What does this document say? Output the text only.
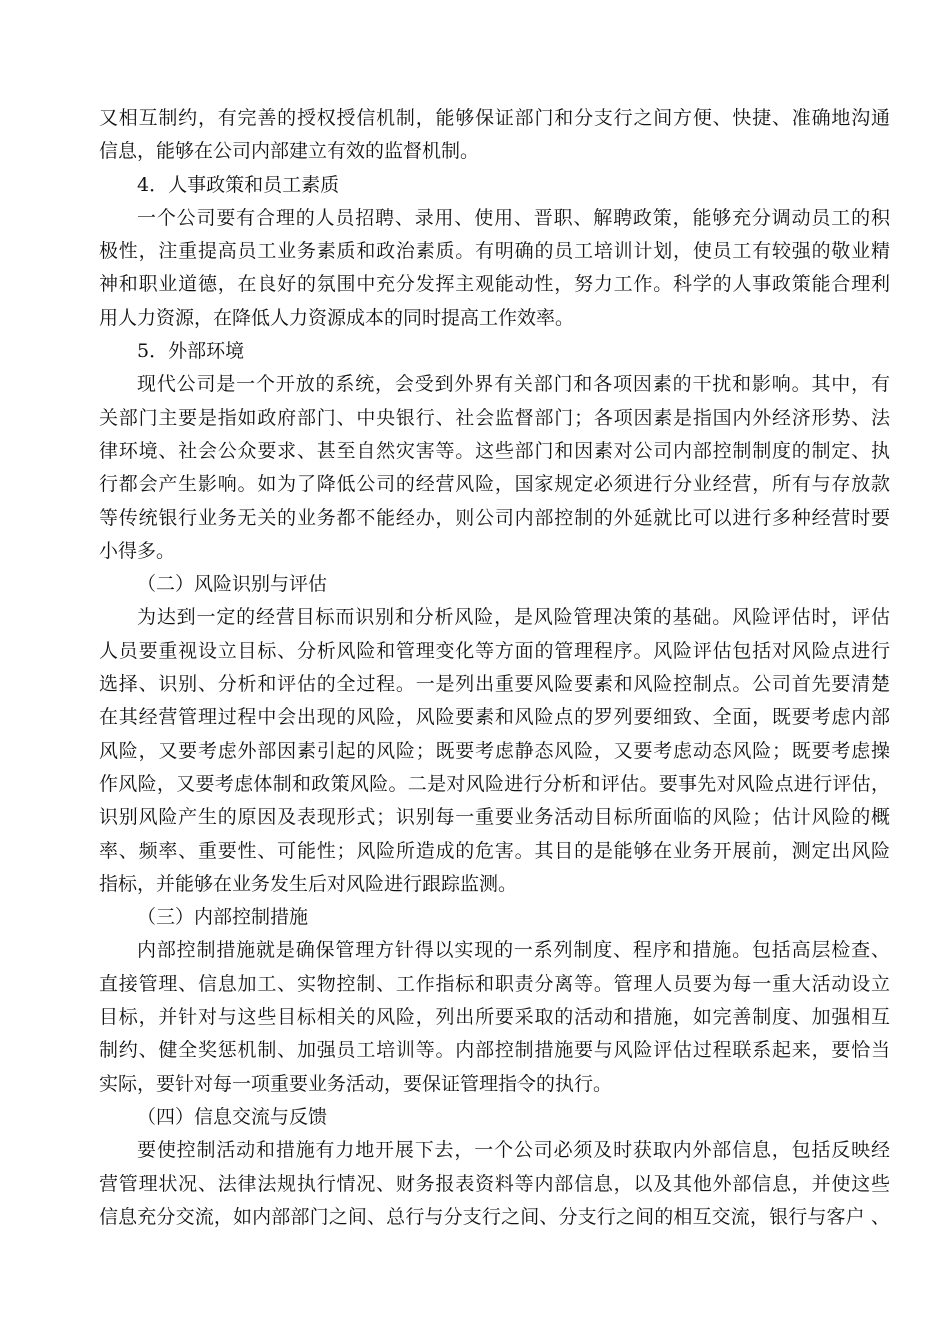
又相互制约，有完善的授权授信机制，能够保证部门和分支行之间方便、快捷、准确地沟通
信息，能够在公司内部建立有效的监督机制。
4．人事政策和员工素质
一个公司要有合理的人员招聘、录用、使用、晋职、解聘政策，能够充分调动员工的积
极性，注重提高员工业务素质和政治素质。有明确的员工培训计划，使员工有较强的敬业精
神和职业道德，在良好的氛围中充分发挥主观能动性，努力工作。科学的人事政策能合理利
用人力资源，在降低人力资源成本的同时提高工作效率。
5．外部环境
现代公司是一个开放的系统，会受到外界有关部门和各项因素的干扰和影响。其中，有
关部门主要是指如政府部门、中央银行、社会监督部门；各项因素是指国内外经济形势、法
律环境、社会公众要求、甚至自然灾害等。这些部门和因素对公司内部控制制度的制定、执
行都会产生影响。如为了降低公司的经营风险，国家规定必须进行分业经营，所有与存放款
等传统银行业务无关的业务都不能经办，则公司内部控制的外延就比可以进行多种经营时要
小得多。
（二）风险识别与评估
为达到一定的经营目标而识别和分析风险，是风险管理决策的基础。风险评估时，评估
人员要重视设立目标、分析风险和管理变化等方面的管理程序。风险评估包括对风险点进行
选择、识别、分析和评估的全过程。一是列出重要风险要素和风险控制点。公司首先要清楚
在其经营管理过程中会出现的风险，风险要素和风险点的罗列要细致、全面，既要考虑内部
风险，又要考虑外部因素引起的风险；既要考虑静态风险，又要考虑动态风险；既要考虑操
作风险，又要考虑体制和政策风险。二是对风险进行分析和评估。要事先对风险点进行评估，
识别风险产生的原因及表现形式；识别每一重要业务活动目标所面临的风险；估计风险的概
率、频率、重要性、可能性；风险所造成的危害。其目的是能够在业务开展前，测定出风险
指标，并能够在业务发生后对风险进行跟踪监测。
（三）内部控制措施
内部控制措施就是确保管理方针得以实现的一系列制度、程序和措施。包括高层检查、
直接管理、信息加工、实物控制、工作指标和职责分离等。管理人员要为每一重大活动设立
目标，并针对与这些目标相关的风险，列出所要采取的活动和措施，如完善制度、加强相互
制约、健全奖惩机制、加强员工培训等。内部控制措施要与风险评估过程联系起来，要恰当
实际，要针对每一项重要业务活动，要保证管理指令的执行。
（四）信息交流与反馈
要使控制活动和措施有力地开展下去，一个公司必须及时获取内外部信息，包括反映经
营管理状况、法律法规执行情况、财务报表资料等内部信息，以及其他外部信息，并使这些
信息充分交流，如内部部门之间、总行与分支行之间、分支行之间的相互交流，银行与客户 、
